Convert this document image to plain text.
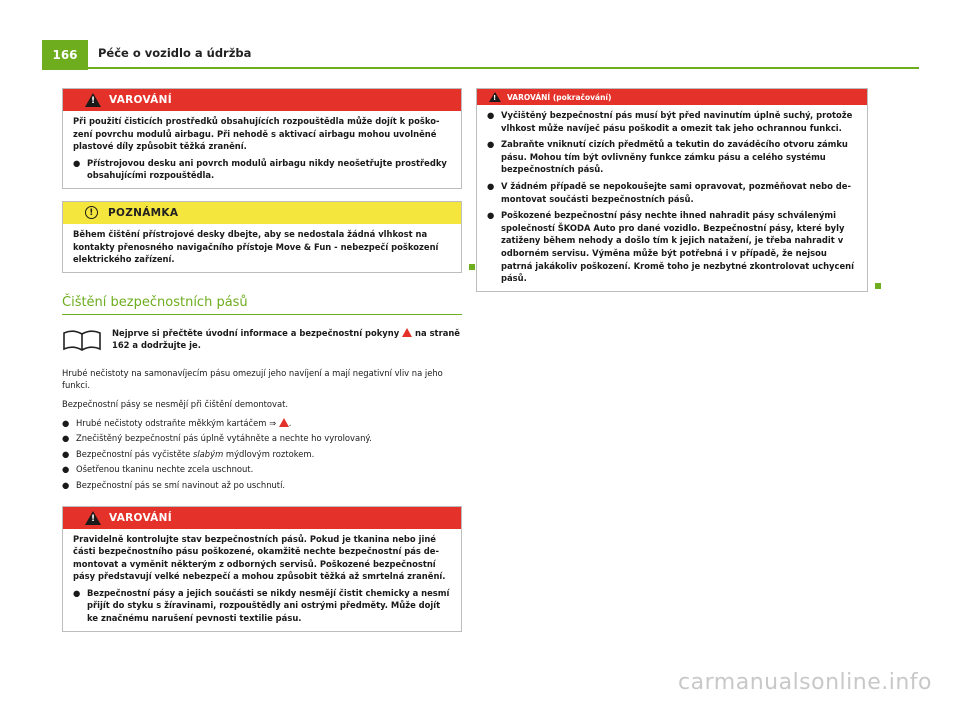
166	Péče o vozidlo a údržba
!
VAROVÁNÍ

Při použití čisticích prostředků obsahujících rozpouštědla může dojít k poškození povrchu modulů airbagu. Při nehodě s aktivací airbagu mohou uvolněné plastové díly způsobit těžká zranění.

● Přístrojovou desku ani povrch modulů airbagu nikdy neošetřujte prostředky obsahujícími rozpouštědla.
!	POZNÁMKA

Během čištění přístrojové desky dbejte, aby se nedostala žádná vlhkost na kontakty přenosného navigačního přístoje Move & Fun - nebezpečí poškození elektrického zařízení.

Čištění bezpečnostních pásů
Nejprve si přečtěte úvodní informace a bezpečnostní pokyny na straně 162 a dodržujte je.

Hrubé nečistoty na samonavíjecím pásu omezují jeho navíjení a mají negativní vliv na jeho funkci.

Bezpečnostní pásy se nesmějí při čištění demontovat.

● Hrubé nečistoty odstraňte měkkým kartáčem ⇒ .
● Znečištěný bezpečnostní pás úplně vytáhněte a nechte ho vyrolovaný.
● Bezpečnostní pás vyčistěte slabým mýdlovým roztokem.
● Ošetřenou tkaninu nechte zcela uschnout.
● Bezpečnostní pás se smí navinout až po uschnutí.
!
VAROVÁNÍ

Pravidelně kontrolujte stav bezpečnostních pásů. Pokud je tkanina nebo jiné části bezpečnostního pásu poškozené, okamžitě nechte bezpečnostní pás demontovat a vyměnit některým z odborných servisů. Poškozené bezpečnostní pásy představují velké nebezpečí a mohou způsobit těžká až smrtelná zranění.

● Bezpečnostní pásy a jejich součásti se nikdy nesmějí čistit chemicky a nesmí přijít do styku s žíravinami, rozpouštědly ani ostrými předměty. Může dojít ke značnému narušení pevnosti textilie pásu.
!
VAROVÁNÍ (pokračování)
● Vyčištěný bezpečnostní pás musí být před navinutím úplně suchý, protože vlhkost může navíječ pásu poškodit a omezit tak jeho ochrannou funkci.
● Zabraňte vniknutí cizích předmětů a tekutin do zaváděcího otvoru zámku pásu. Mohou tím být ovlivněny funkce zámku pásu a celého systému bezpečnostních pásů.
● V žádném případě se nepokoušejte sami opravovat, pozměňovat nebo demontovat součásti bezpečnostních pásů.
● Poškozené bezpečnostní pásy nechte ihned nahradit pásy schválenými společností ŠKODA Auto pro dané vozidlo. Bezpečnostní pásy, které byly zatiženy během nehody a došlo tím k jejich natažení, je třeba nahradit v odborném servisu. Výměna může být potřebná i v případě, že nejsou patrná jakákoliv poškození. Kromě toho je nezbytné zkontrolovat uchycení pásů.
carmanualsonline.info
